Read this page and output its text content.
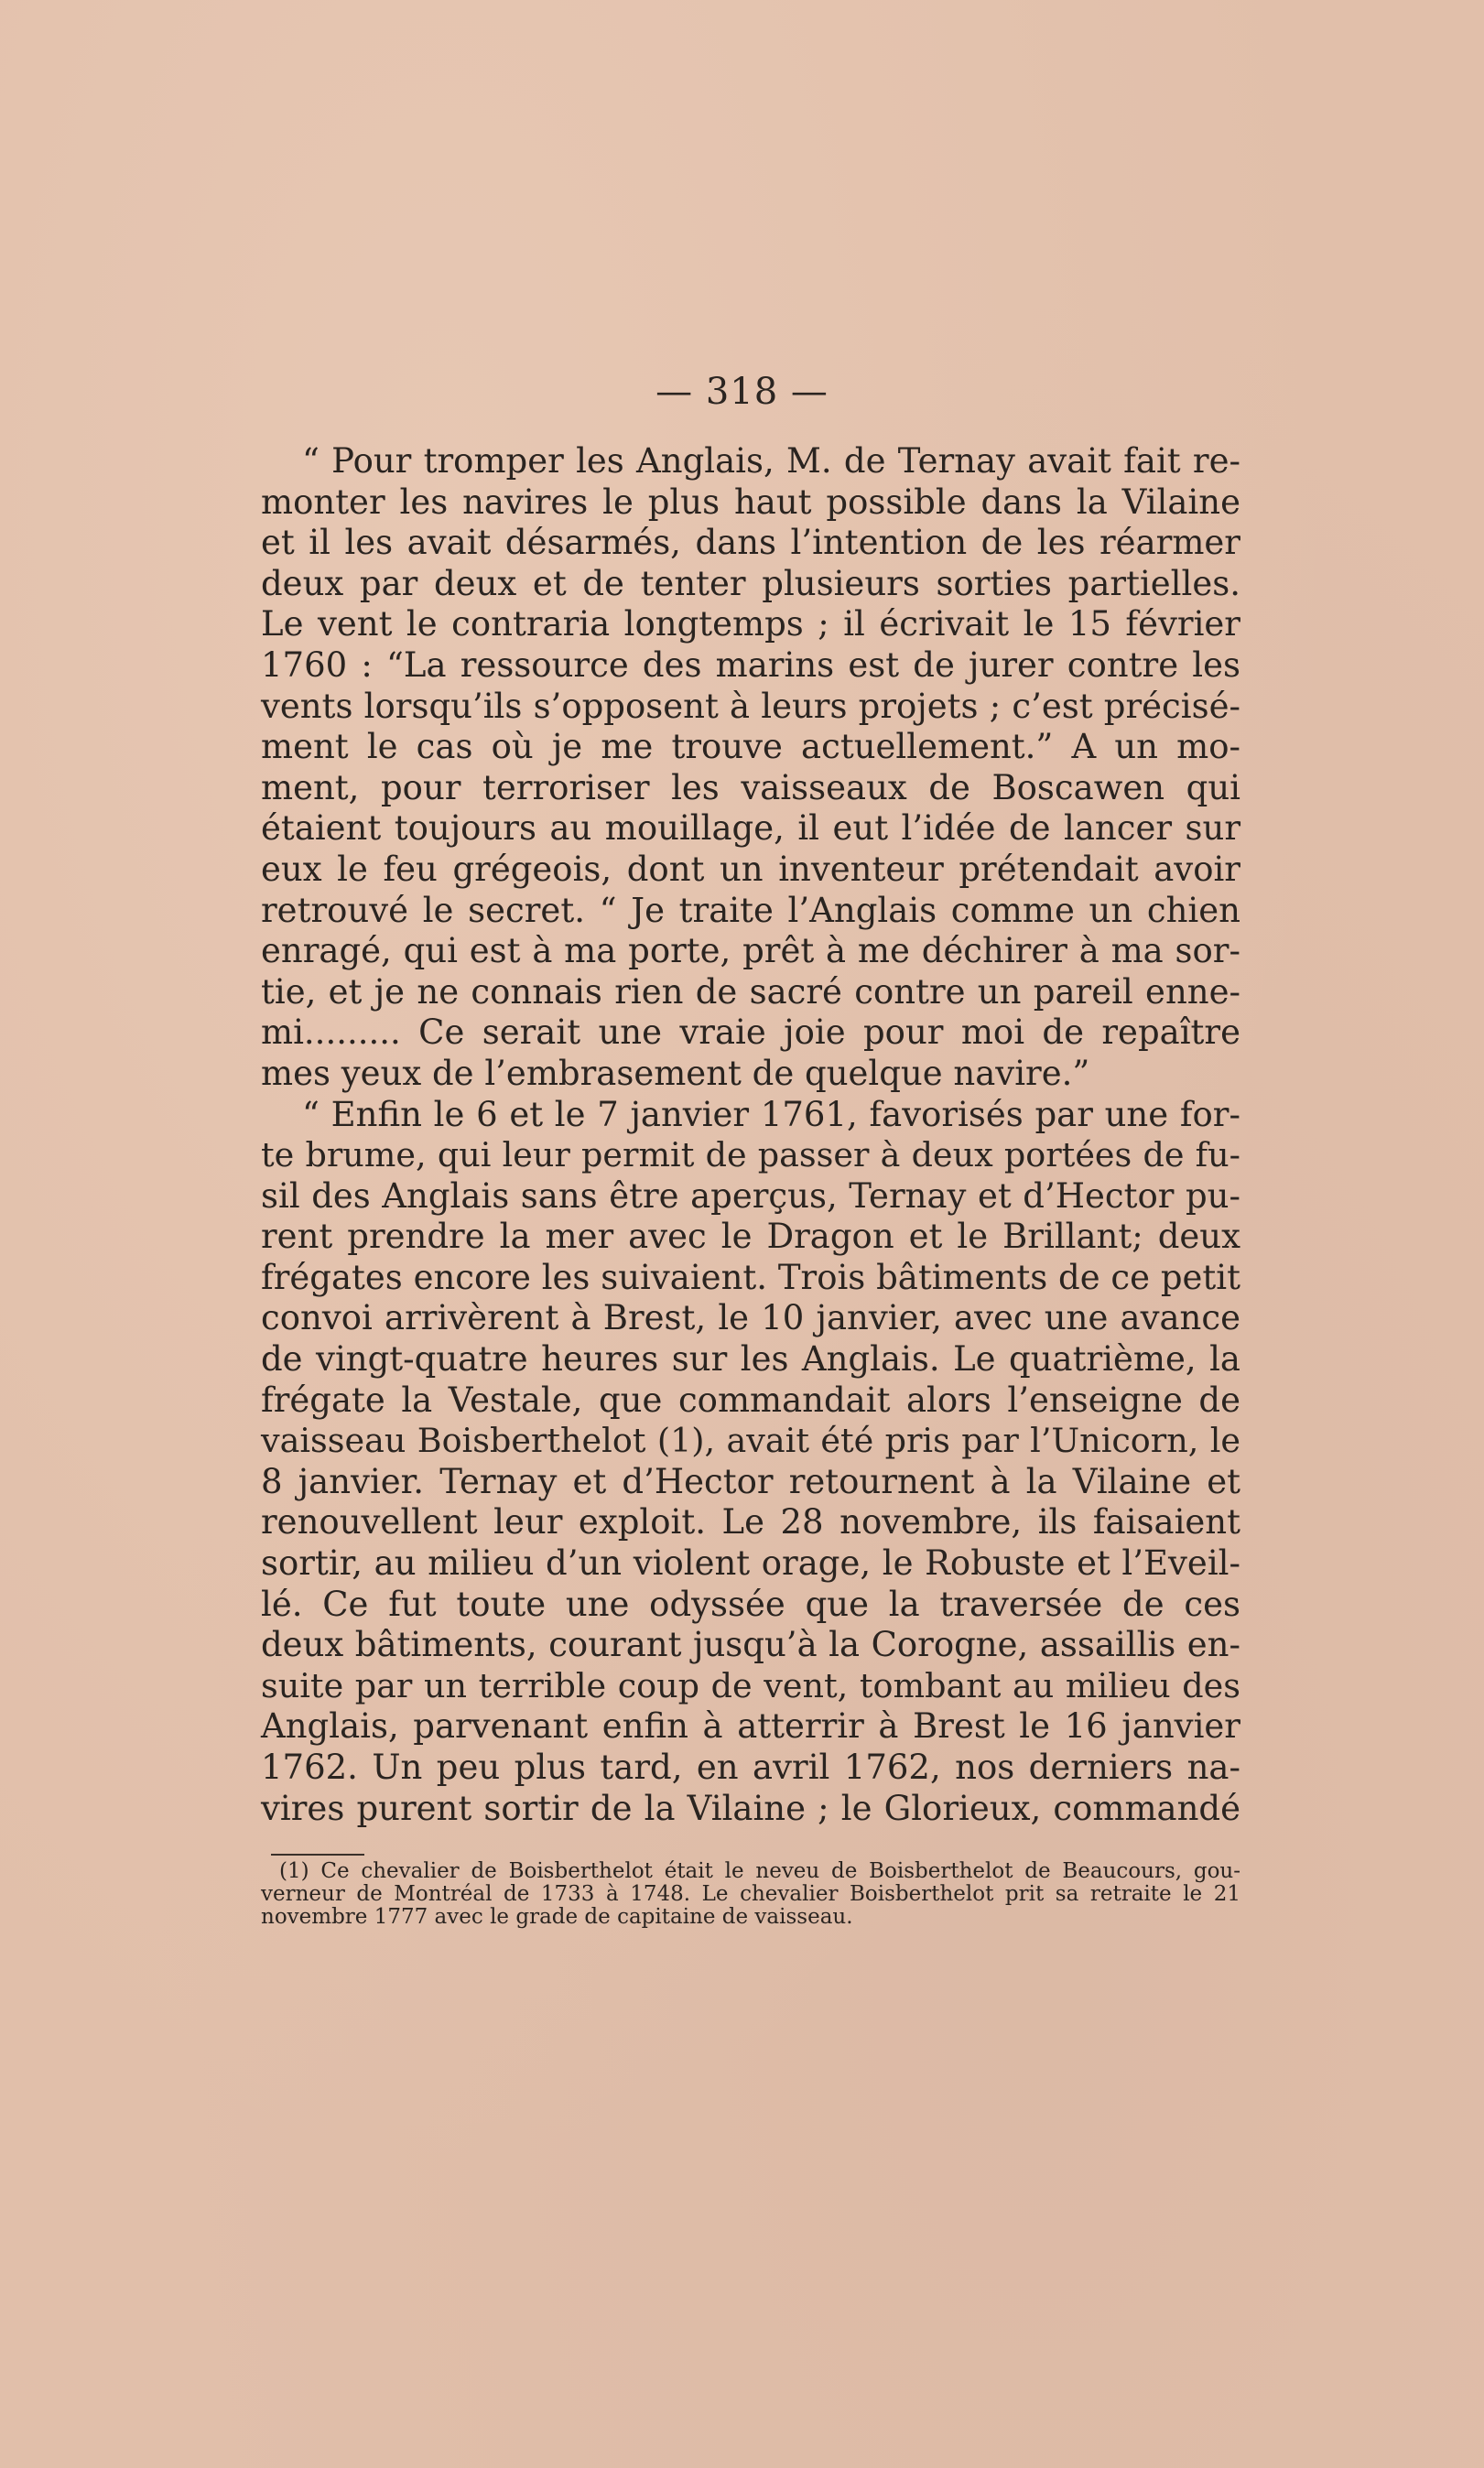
— 318 —
“ Pour tromper les Anglais, M. de Ternay avait fait re-
monter les navires le plus haut possible dans la Vilaine
et il les avait désarmés, dans l’intention de les réarmer
deux par deux et de tenter plusieurs sorties partielles.
Le vent le contraria longtemps ; il écrivait le 15 février
1760 : “La ressource des marins est de jurer contre les
vents lorsqu’ils s’opposent à leurs projets ; c’est précisé-
ment le cas où je me trouve actuellement.” A un mo-
ment, pour terroriser les vaisseaux de Boscawen qui
étaient toujours au mouillage, il eut l’idée de lancer sur
eux le feu grégeois, dont un inventeur prétendait avoir
retrouvé le secret. “ Je traite l’Anglais comme un chien
enragé, qui est à ma porte, prêt à me déchirer à ma sor-
tie, et je ne connais rien de sacré contre un pareil enne-
mi......... Ce serait une vraie joie pour moi de repaître
mes yeux de l’embrasement de quelque navire.”
“ Enfin le 6 et le 7 janvier 1761, favorisés par une for-
te brume, qui leur permit de passer à deux portées de fu-
sil des Anglais sans être aperçus, Ternay et d’Hector pu-
rent prendre la mer avec le Dragon et le Brillant; deux
frégates encore les suivaient. Trois bâtiments de ce petit
convoi arrivèrent à Brest, le 10 janvier, avec une avance
de vingt-quatre heures sur les Anglais. Le quatrième, la
frégate la Vestale, que commandait alors l’enseigne de
vaisseau Boisberthelot (1), avait été pris par l’Unicorn, le
8 janvier. Ternay et d’Hector retournent à la Vilaine et
renouvellent leur exploit. Le 28 novembre, ils faisaient
sortir, au milieu d’un violent orage, le Robuste et l’Eveil-
lé. Ce fut toute une odyssée que la traversée de ces
deux bâtiments, courant jusqu’à la Corogne, assaillis en-
suite par un terrible coup de vent, tombant au milieu des
Anglais, parvenant enfin à atterrir à Brest le 16 janvier
1762. Un peu plus tard, en avril 1762, nos derniers na-
vires purent sortir de la Vilaine ; le Glorieux, commandé
(1) Ce chevalier de Boisberthelot était le neveu de Boisberthelot de Beaucours, gou-
verneur de Montréal de 1733 à 1748. Le chevalier Boisberthelot prit sa retraite le 21
novembre 1777 avec le grade de capitaine de vaisseau.
